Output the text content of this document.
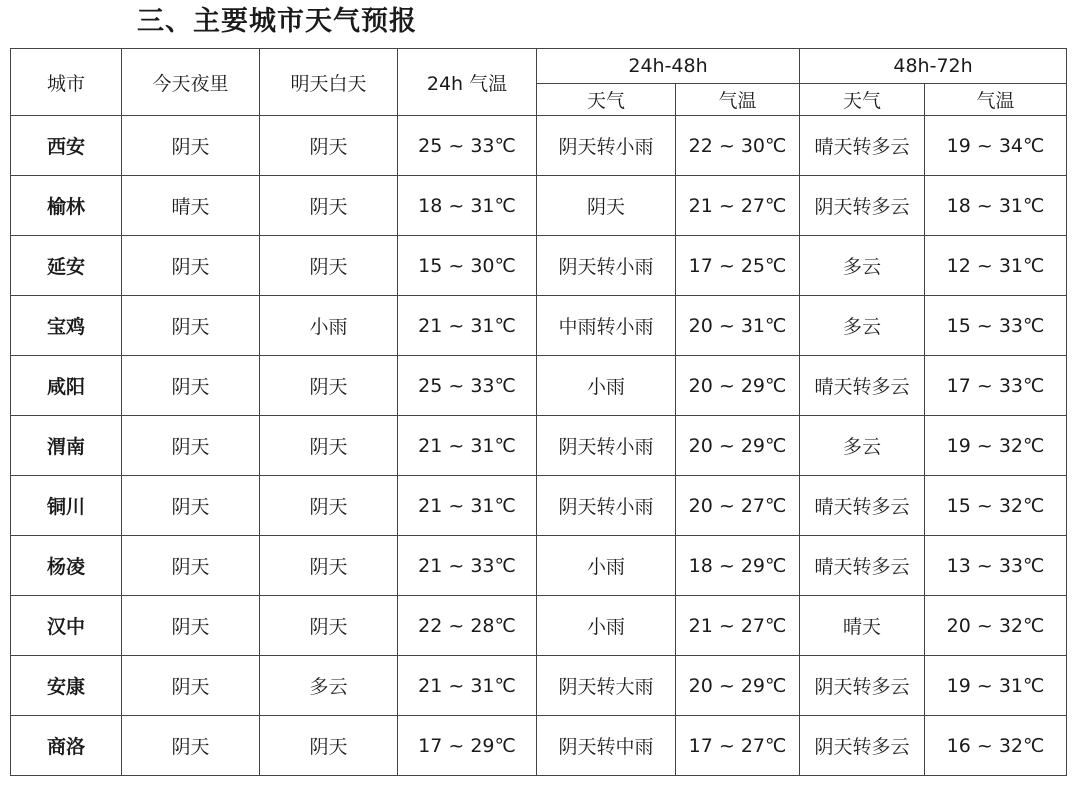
三、主要城市天气预报
城市	今天夜里	明天白天	24h 气温	24h-48h		48h-72h	
				天气	气温	天气	气温
西安	阴天	阴天	25 ~ 33℃	阴天转小雨	22 ~ 30℃	晴天转多云	19 ~ 34℃
榆林	晴天	阴天	18 ~ 31℃	阴天	21 ~ 27℃	阴天转多云	18 ~ 31℃
延安	阴天	阴天	15 ~ 30℃	阴天转小雨	17 ~ 25℃	多云	12 ~ 31℃
宝鸡	阴天	小雨	21 ~ 31℃	中雨转小雨	20 ~ 31℃	多云	15 ~ 33℃
咸阳	阴天	阴天	25 ~ 33℃	小雨	20 ~ 29℃	晴天转多云	17 ~ 33℃
渭南	阴天	阴天	21 ~ 31℃	阴天转小雨	20 ~ 29℃	多云	19 ~ 32℃
铜川	阴天	阴天	21 ~ 31℃	阴天转小雨	20 ~ 27℃	晴天转多云	15 ~ 32℃
杨凌	阴天	阴天	21 ~ 33℃	小雨	18 ~ 29℃	晴天转多云	13 ~ 33℃
汉中	阴天	阴天	22 ~ 28℃	小雨	21 ~ 27℃	晴天	20 ~ 32℃
安康	阴天	多云	21 ~ 31℃	阴天转大雨	20 ~ 29℃	阴天转多云	19 ~ 31℃
商洛	阴天	阴天	17 ~ 29℃	阴天转中雨	17 ~ 27℃	阴天转多云	16 ~ 32℃
